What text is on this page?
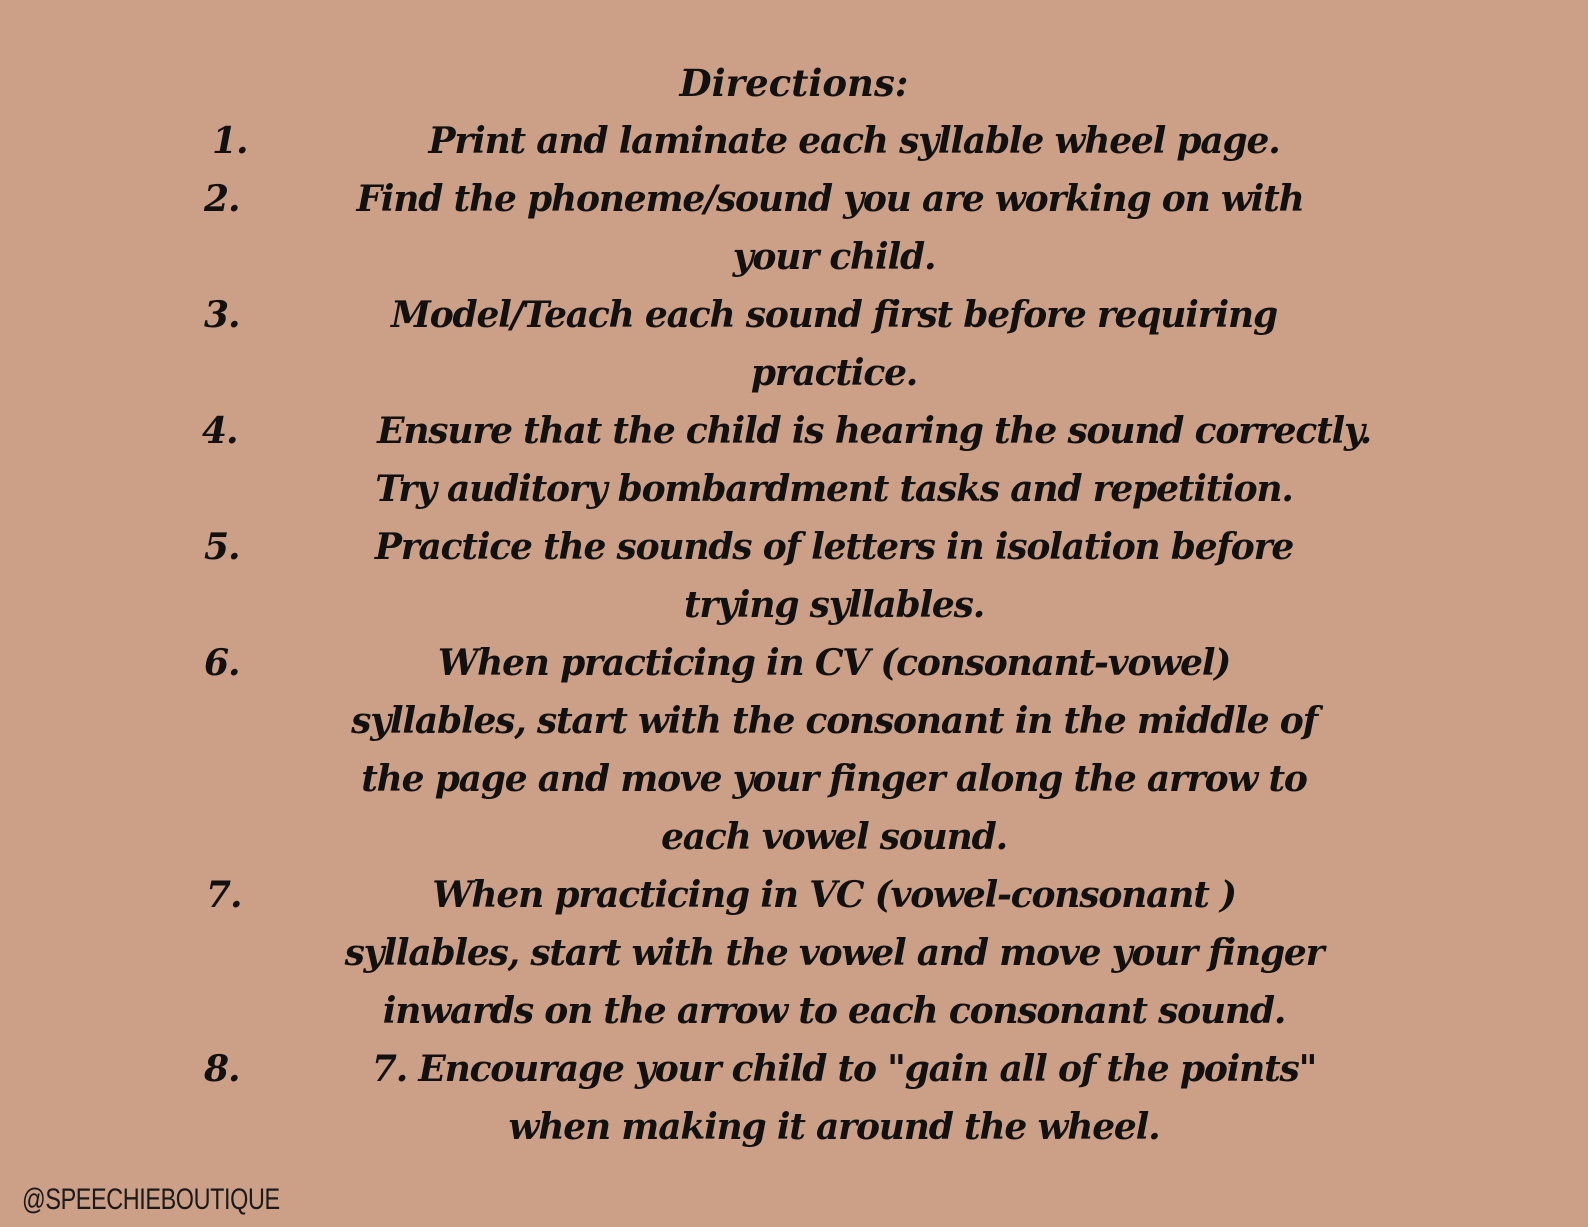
Directions:
1.	Print and laminate each syllable wheel page.
2.	Find the phoneme/sound you are working on with
your child.
3.	Model/Teach each sound first before requiring
practice.
4.	Ensure that the child is hearing the sound correctly.
Try auditory bombardment tasks and repetition.
5.	Practice the sounds of letters in isolation before
trying syllables.
6.	When practicing in CV (consonant-vowel)
syllables, start with the consonant in the middle of
the page and move your finger along the arrow to
each vowel sound.
7.	When practicing in VC (vowel-consonant )
syllables, start with the vowel and move your finger
inwards on the arrow to each consonant sound.
8.	7. Encourage your child to "gain all of the points"
when making it around the wheel.
@SPEECHIEBOUTIQUE
